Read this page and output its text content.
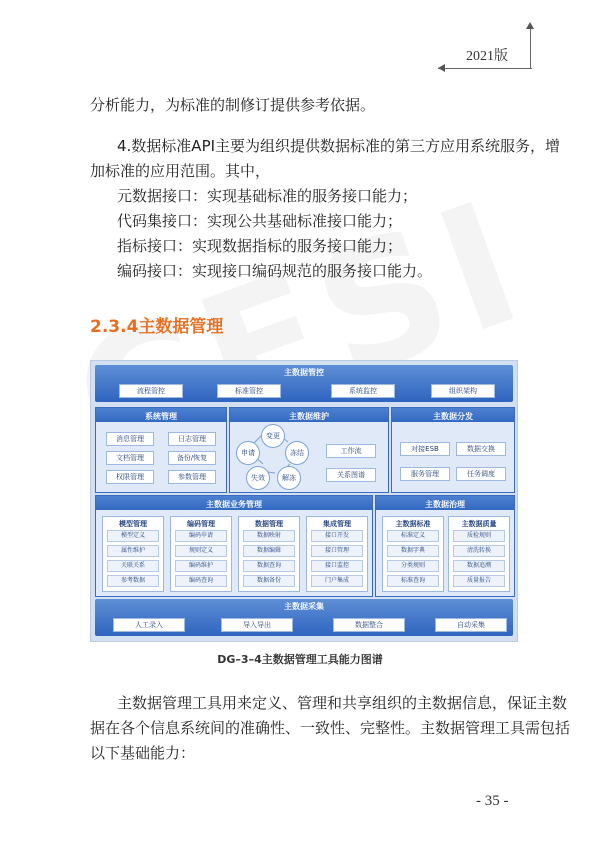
2021版
分析能力，为标准的制修订提供参考依据。
4.数据标准API主要为组织提供数据标准的第三方应用系统服务，增
加标准的应用范围。其中，
元数据接口：实现基础标准的服务接口能力；
代码集接口：实现公共基础标准接口能力；
指标接口：实现数据指标的服务接口能力；
编码接口：实现接口编码规范的服务接口能力。
2.3.4主数据管理
主数据管控
流程管控	标准管控	系统监控	组织架构
系统管理
消息管理	日志管理
文档管理	备份/恢复
权限管理	参数管理
主数据维护
变更
冻结
解冻
失效
申请	工作流
关系图谱
主数据分发
对接ESB	数据交换
服务管理	任务调度
主数据业务管理
模型管理
模型定义
属性维护
关联关系
参考数据
编码管理
编码申请
规则定义
编码维护
编码查询
数据管理
数据映射
数据编辑
数据查询
数据备份
集成管理
接口开发
接口管理
接口监控
门户集成
主数据治理
主数据标准
标准定义
数据字典
分类规则
标准查询
主数据质量
质检规则
清洗转换
数据追溯
质量报告
主数据采集
人工录入	导入导出	数据整合	自动采集
DG–3–4主数据管理工具能力图谱
主数据管理工具用来定义、管理和共享组织的主数据信息，保证主数
据在各个信息系统间的准确性、一致性、完整性。主数据管理工具需包括
以下基础能力：
- 35 -
